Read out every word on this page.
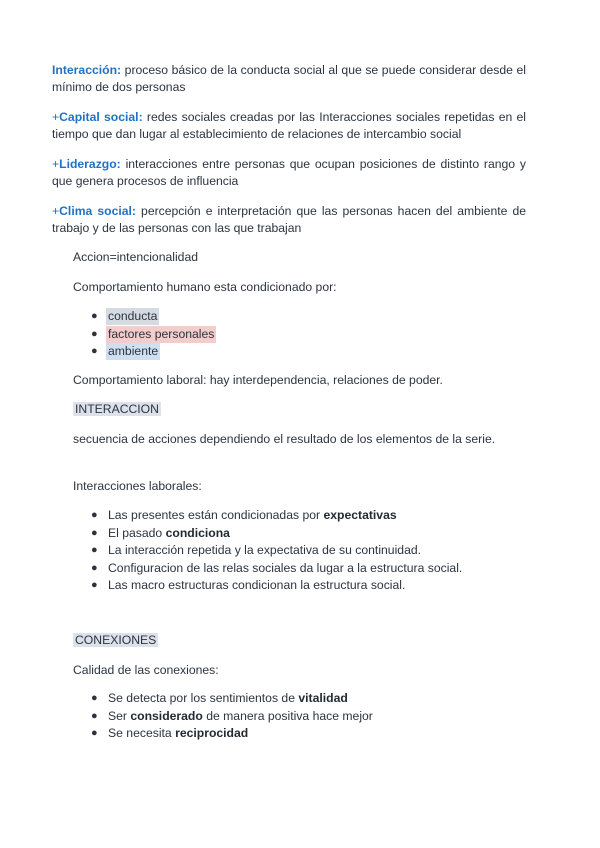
Interacción: proceso básico de la conducta social al que se puede considerar desde el mínimo de dos personas

+Capital social: redes sociales creadas por las Interacciones sociales repetidas en el tiempo que dan lugar al establecimiento de relaciones de intercambio social

+Liderazgo: interacciones entre personas que ocupan posiciones de distinto rango y que genera procesos de influencia

+Clima social: percepción e interpretación que las personas hacen del ambiente de trabajo y de las personas con las que trabajan

Accion=intencionalidad

Comportamiento humano esta condicionado por:

● conducta
● factores personales
● ambiente

Comportamiento laboral: hay interdependencia, relaciones de poder.

INTERACCION

secuencia de acciones dependiendo el resultado de los elementos de la serie.

Interacciones laborales:

● Las presentes están condicionadas por expectativas
● El pasado condiciona
● La interacción repetida y la expectativa de su continuidad.
● Configuracion de las relas sociales da lugar a la estructura social.
● Las macro estructuras condicionan la estructura social.

CONEXIONES

Calidad de las conexiones:

● Se detecta por los sentimientos de vitalidad
● Ser considerado de manera positiva hace mejor
● Se necesita reciprocidad
